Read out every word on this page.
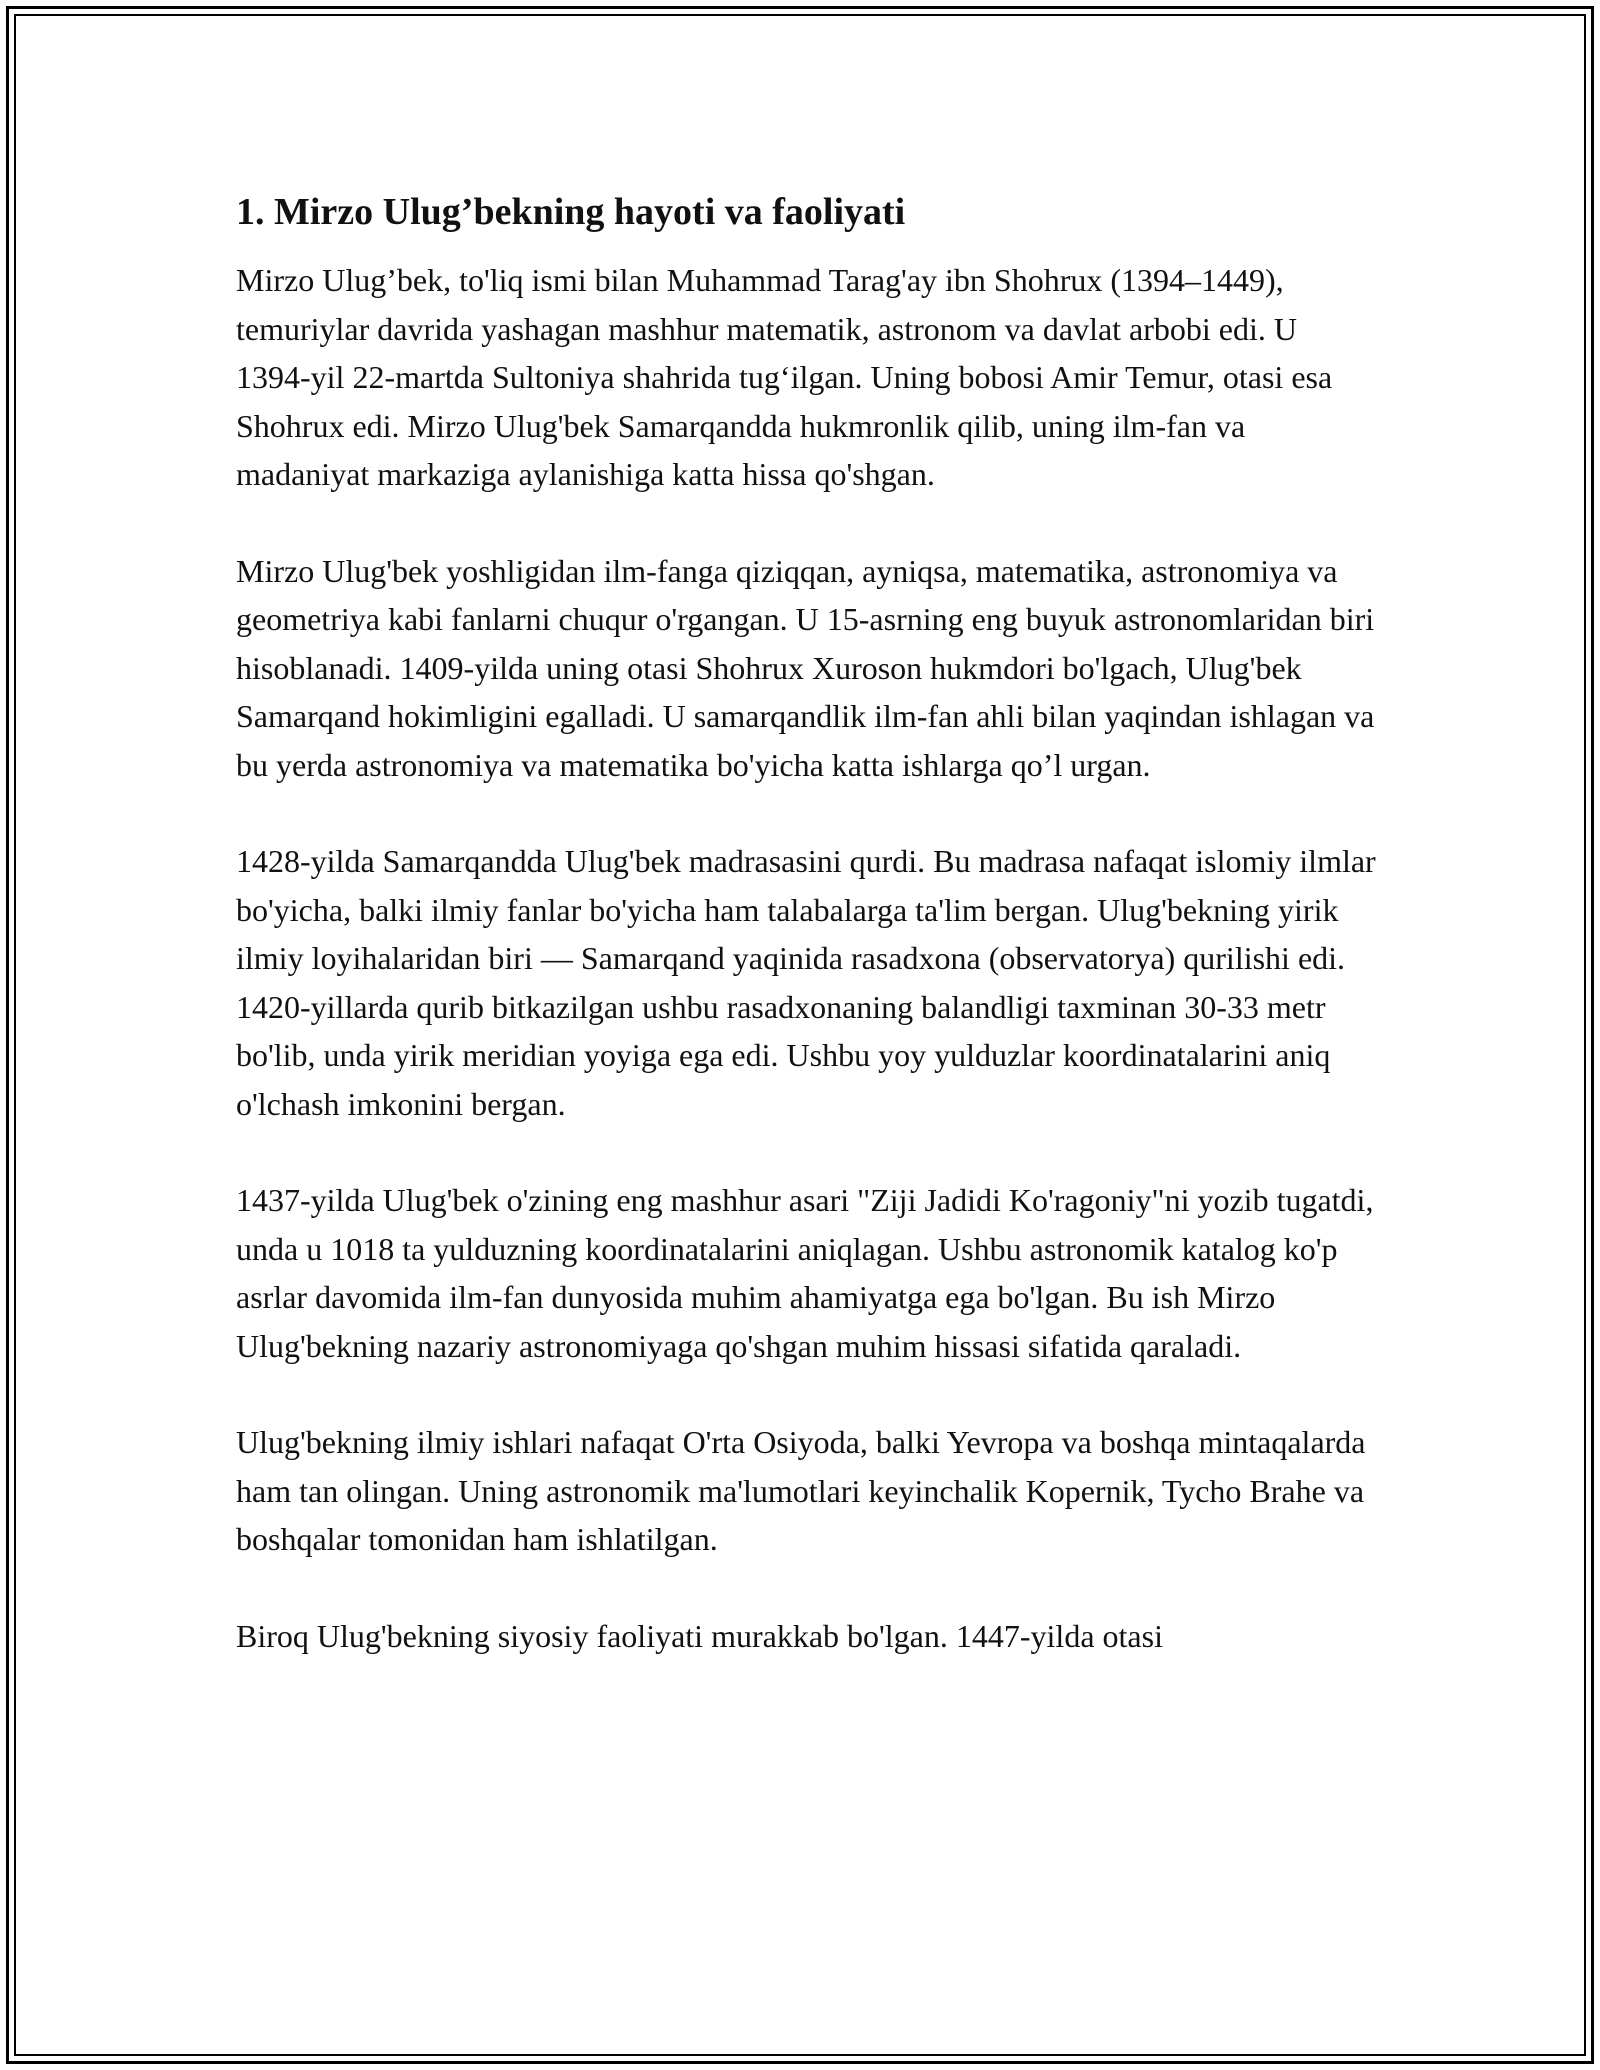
1. Mirzo Ulug’bekning hayoti va faoliyati

Mirzo Ulug’bek, to'liq ismi bilan Muhammad Tarag'ay ibn Shohrux (1394–1449), temuriylar davrida yashagan mashhur matematik, astronom va davlat arbobi edi. U 1394-yil 22-martda Sultoniya shahrida tug‘ilgan. Uning bobosi Amir Temur, otasi esa Shohrux edi. Mirzo Ulug'bek Samarqandda hukmronlik qilib, uning ilm-fan va madaniyat markaziga aylanishiga katta hissa qo'shgan.

Mirzo Ulug'bek yoshligidan ilm-fanga qiziqqan, ayniqsa, matematika, astronomiya va geometriya kabi fanlarni chuqur o'rgangan. U 15-asrning eng buyuk astronomlaridan biri hisoblanadi. 1409-yilda uning otasi Shohrux Xuroson hukmdori bo'lgach, Ulug'bek Samarqand hokimligini egalladi. U samarqandlik ilm-fan ahli bilan yaqindan ishlagan va bu yerda astronomiya va matematika bo'yicha katta ishlarga qo’l urgan.

1428-yilda Samarqandda Ulug'bek madrasasini qurdi. Bu madrasa nafaqat islomiy ilmlar bo'yicha, balki ilmiy fanlar bo'yicha ham talabalarga ta'lim bergan. Ulug'bekning yirik ilmiy loyihalaridan biri — Samarqand yaqinida rasadxona (observatorya) qurilishi edi. 1420-yillarda qurib bitkazilgan ushbu rasadxonaning balandligi taxminan 30-33 metr bo'lib, unda yirik meridian yoyiga ega edi. Ushbu yoy yulduzlar koordinatalarini aniq o'lchash imkonini bergan.

1437-yilda Ulug'bek o'zining eng mashhur asari "Ziji Jadidi Ko'ragoniy"ni yozib tugatdi, unda u 1018 ta yulduzning koordinatalarini aniqlagan. Ushbu astronomik katalog ko'p asrlar davomida ilm-fan dunyosida muhim ahamiyatga ega bo'lgan. Bu ish Mirzo Ulug'bekning nazariy astronomiyaga qo'shgan muhim hissasi sifatida qaraladi.

Ulug'bekning ilmiy ishlari nafaqat O'rta Osiyoda, balki Yevropa va boshqa mintaqalarda ham tan olingan. Uning astronomik ma'lumotlari keyinchalik Kopernik, Tycho Brahe va boshqalar tomonidan ham ishlatilgan.

Biroq Ulug'bekning siyosiy faoliyati murakkab bo'lgan. 1447-yilda otasi
